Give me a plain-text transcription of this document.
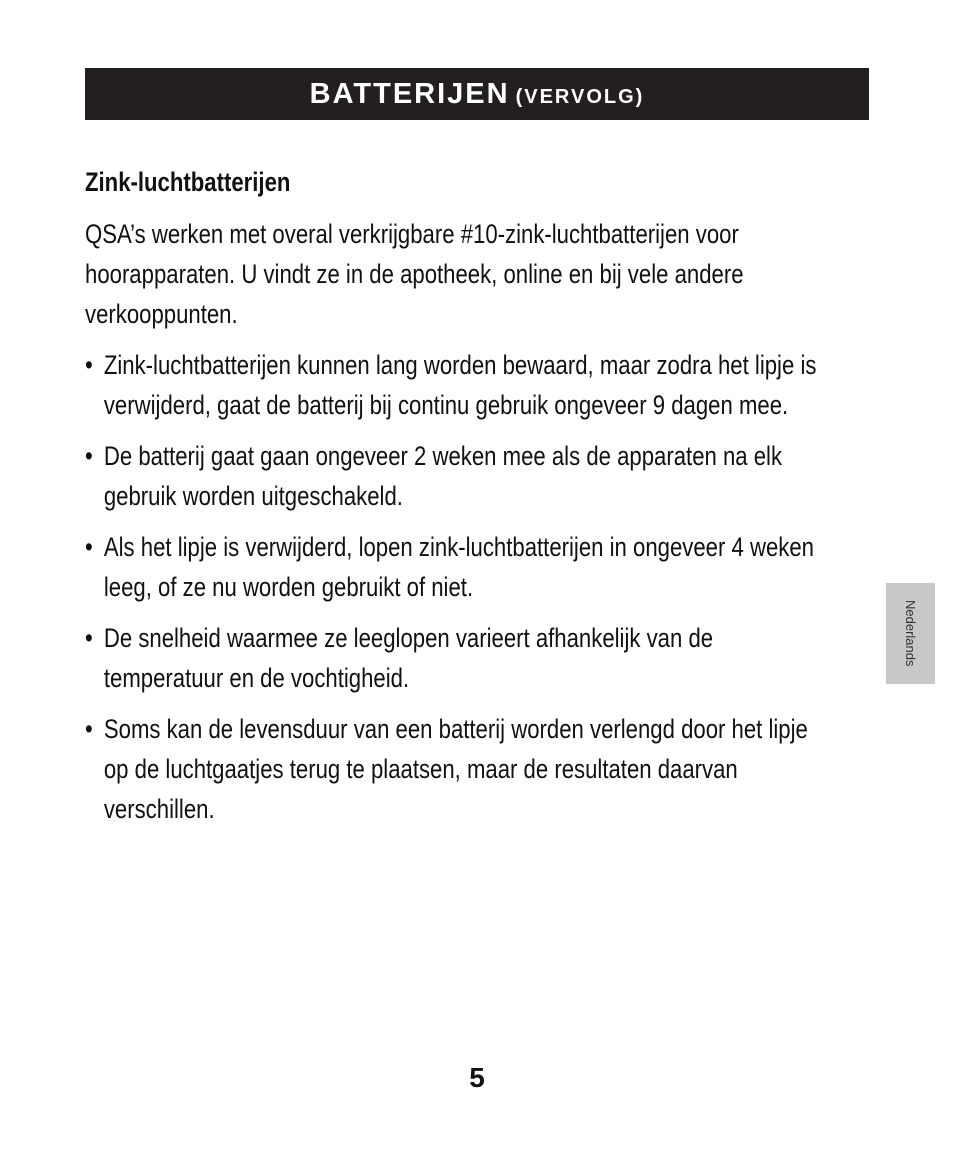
BATTERIJEN (VERVOLG)
Zink-luchtbatterijen

QSA’s werken met overal verkrijgbare #10-zink-luchtbatterijen voor hoorapparaten. U vindt ze in de apotheek, online en bij vele andere verkooppunten.

• Zink-luchtbatterijen kunnen lang worden bewaard, maar zodra het lipje is verwijderd, gaat de batterij bij continu gebruik ongeveer 9 dagen mee.
• De batterij gaat gaan ongeveer 2 weken mee als de apparaten na elk gebruik worden uitgeschakeld.
• Als het lipje is verwijderd, lopen zink-luchtbatterijen in ongeveer 4 weken leeg, of ze nu worden gebruikt of niet.
• De snelheid waarmee ze leeglopen varieert afhankelijk van de temperatuur en de vochtigheid.
• Soms kan de levensduur van een batterij worden verlengd door het lipje op de luchtgaatjes terug te plaatsen, maar de resultaten daarvan verschillen.
Nederlands
5
